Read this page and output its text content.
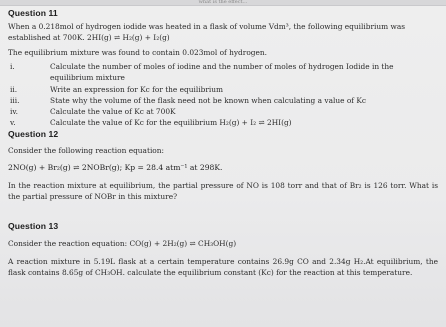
what is the effect...
Question 11

When a 0.218mol of hydrogen iodide was heated in a flask of volume Vdm³, the following equilibrium was

established at 700K. 2HI(g) ⇌ H₂(g) + I₂(g)

The equilibrium mixture was found to contain 0.023mol of hydrogen.

i.	Calculate the number of moles of iodine and the number of moles of hydrogen Iodide in the equilibrium mixture
ii.	Write an expression for Kc for the equilibrium
iii.	State why the volume of the flask need not be known when calculating a value of Kc
iv.	Calculate the value of Kc at 700K
v.	Calculate the value of Kc for the equilibrium H₂(g) + I₂ ⇌ 2HI(g)
Question 12

Consider the following reaction equation:

2NO(g) + Br₂(g) ⇌ 2NOBr(g); Kp = 28.4 atm⁻¹ at 298K.

In the reaction mixture at equilibrium, the partial pressure of NO is 108 torr and that of Br₂ is 126 torr. What is the partial pressure of NOBr in this mixture?

Question 13

Consider the reaction equation: CO(g) + 2H₂(g) ⇌ CH₃OH(g)

A reaction mixture in 5.19L flask at a certain temperature contains 26.9g CO and 2.34g H₂.At equilibrium, the flask contains 8.65g of CH₃OH. calculate the equilibrium constant (Kc) for the reaction at this temperature.
